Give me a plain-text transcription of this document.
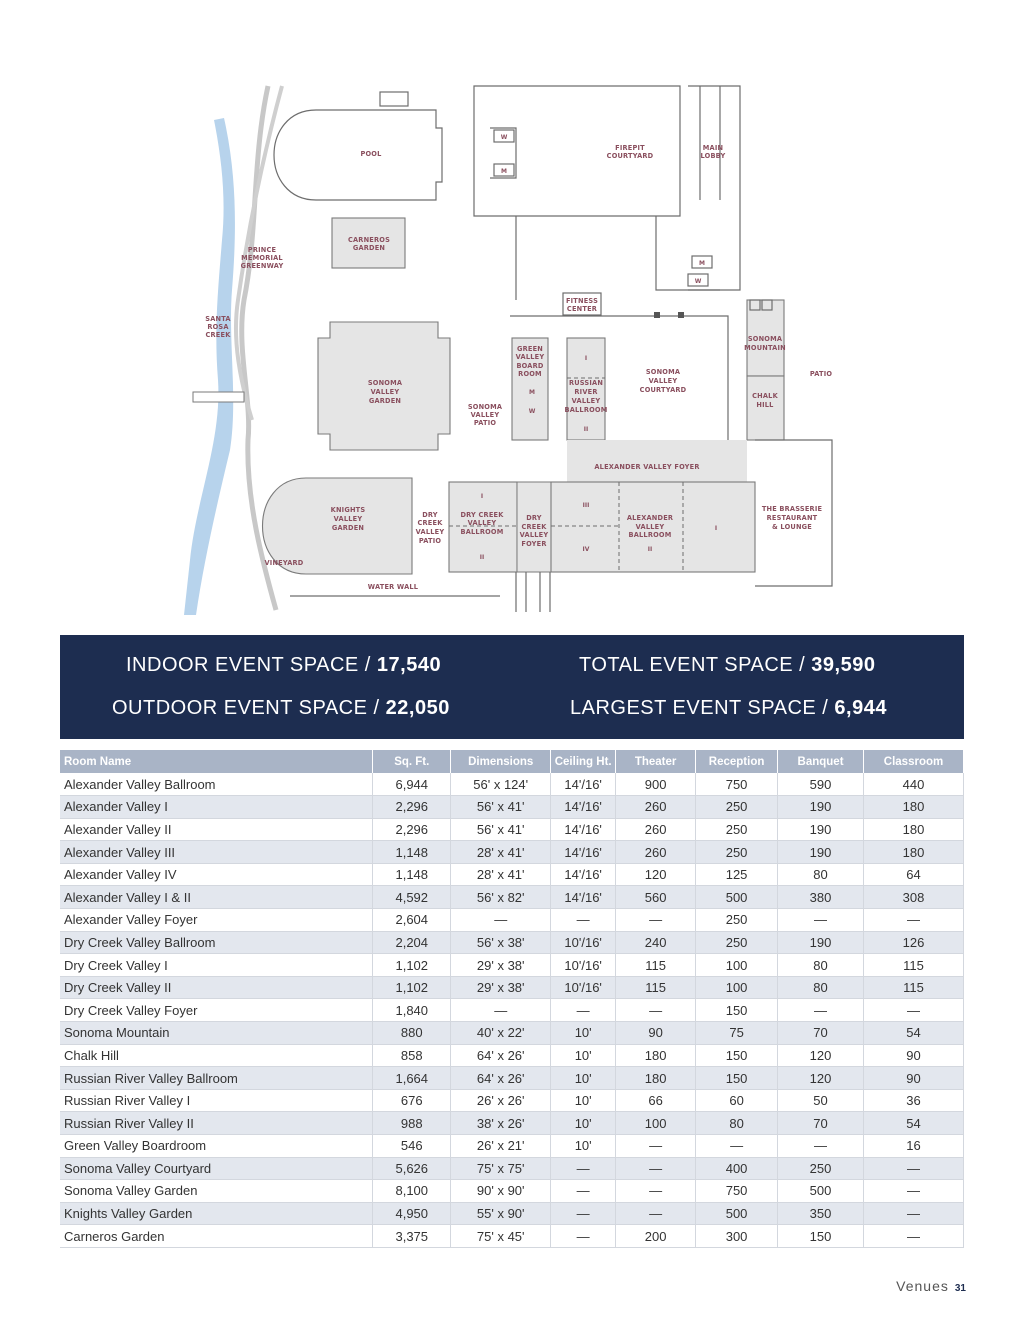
POOL
CARNEROS
GARDEN
PRINCE
MEMORIAL
GREENWAY
SANTA
ROSA
CREEK
SONOMA
VALLEY
GARDEN
FIREPIT
COURTYARD
MAIN
LOBBY
FITNESS
CENTER
GREEN
VALLEY
BOARD
ROOM
M
W
I
RUSSIAN
RIVER
VALLEY
BALLROOM
II
SONOMA
VALLEY
COURTYARD
SONOMA
MOUNTAIN
CHALK
HILL
PATIO
SONOMA
VALLEY
PATIO
ALEXANDER VALLEY FOYER
KNIGHTS
VALLEY
GARDEN
DRY
CREEK
VALLEY
PATIO
I
DRY CREEK
VALLEY
BALLROOM
II
DRY
CREEK
VALLEY
FOYER
III
IV
ALEXANDER
VALLEY
BALLROOM
II
I
THE BRASSERIE
RESTAURANT
& LOUNGE
VINEYARD
WATER WALL
W
M
M
W
INDOOR EVENT SPACE / 17,540	TOTAL EVENT SPACE / 39,590
OUTDOOR EVENT SPACE / 22,050	LARGEST EVENT SPACE / 6,944
Room Name	Sq. Ft.	Dimensions	Ceiling Ht.	Theater	Reception	Banquet	Classroom
Alexander Valley Ballroom	6,944	56' x 124'	14'/16'	900	750	590	440
Alexander Valley I	2,296	56' x 41'	14'/16'	260	250	190	180
Alexander Valley II	2,296	56' x 41'	14'/16'	260	250	190	180
Alexander Valley III	1,148	28' x 41'	14'/16'	260	250	190	180
Alexander Valley IV	1,148	28' x 41'	14'/16'	120	125	80	64
Alexander Valley I & II	4,592	56' x 82'	14'/16'	560	500	380	308
Alexander Valley Foyer	2,604	—	—	—	250	—	—
Dry Creek Valley Ballroom	2,204	56' x 38'	10'/16'	240	250	190	126
Dry Creek Valley I	1,102	29' x 38'	10'/16'	115	100	80	115
Dry Creek Valley II	1,102	29' x 38'	10'/16'	115	100	80	115
Dry Creek Valley Foyer	1,840	—	—	—	150	—	—
Sonoma Mountain	880	40' x 22'	10'	90	75	70	54
Chalk Hill	858	64' x 26'	10'	180	150	120	90
Russian River Valley Ballroom	1,664	64' x 26'	10'	180	150	120	90
Russian River Valley I	676	26' x 26'	10'	66	60	50	36
Russian River Valley II	988	38' x 26'	10'	100	80	70	54
Green Valley Boardroom	546	26' x 21'	10'	—	—	—	16
Sonoma Valley Courtyard	5,626	75' x 75'	—	—	400	250	—
Sonoma Valley Garden	8,100	90' x 90'	—	—	750	500	—
Knights Valley Garden	4,950	55' x 90'	—	—	500	350	—
Carneros Garden	3,375	75' x 45'	—	200	300	150	—
Venues 31
